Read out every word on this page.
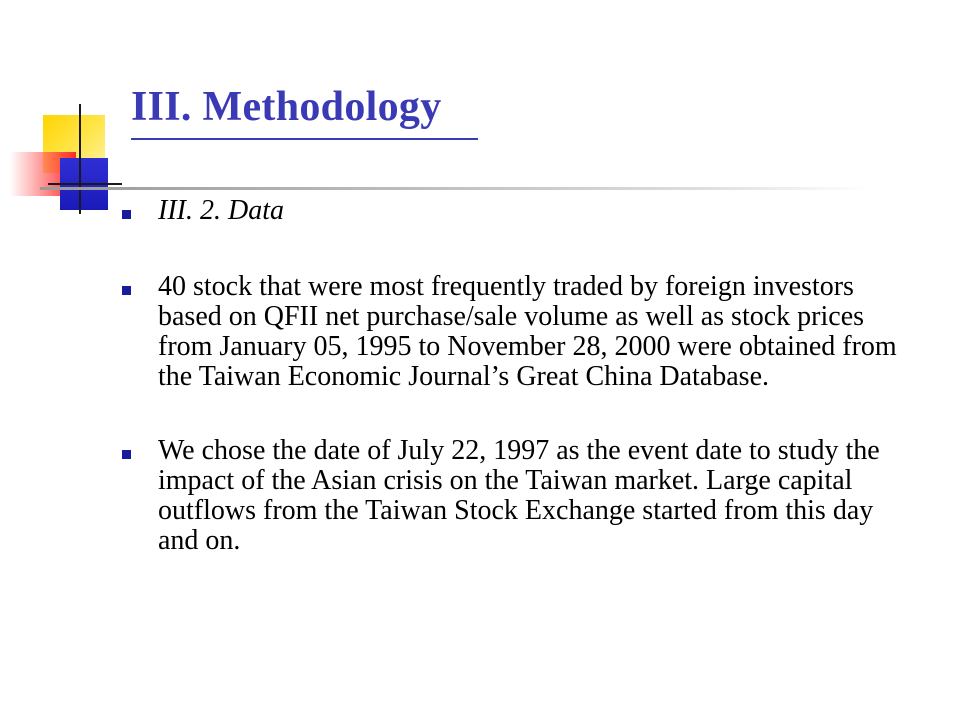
III. Methodology
III. 2. Data
40 stock that were most frequently traded by foreign investors based on QFII net purchase/sale volume as well as stock prices from January 05, 1995 to November 28, 2000 were obtained from the Taiwan Economic Journal’s Great China Database.
We chose the date of July 22, 1997 as the event date to study the impact of the Asian crisis on the Taiwan market. Large capital outflows from the Taiwan Stock Exchange started from this day and on.
